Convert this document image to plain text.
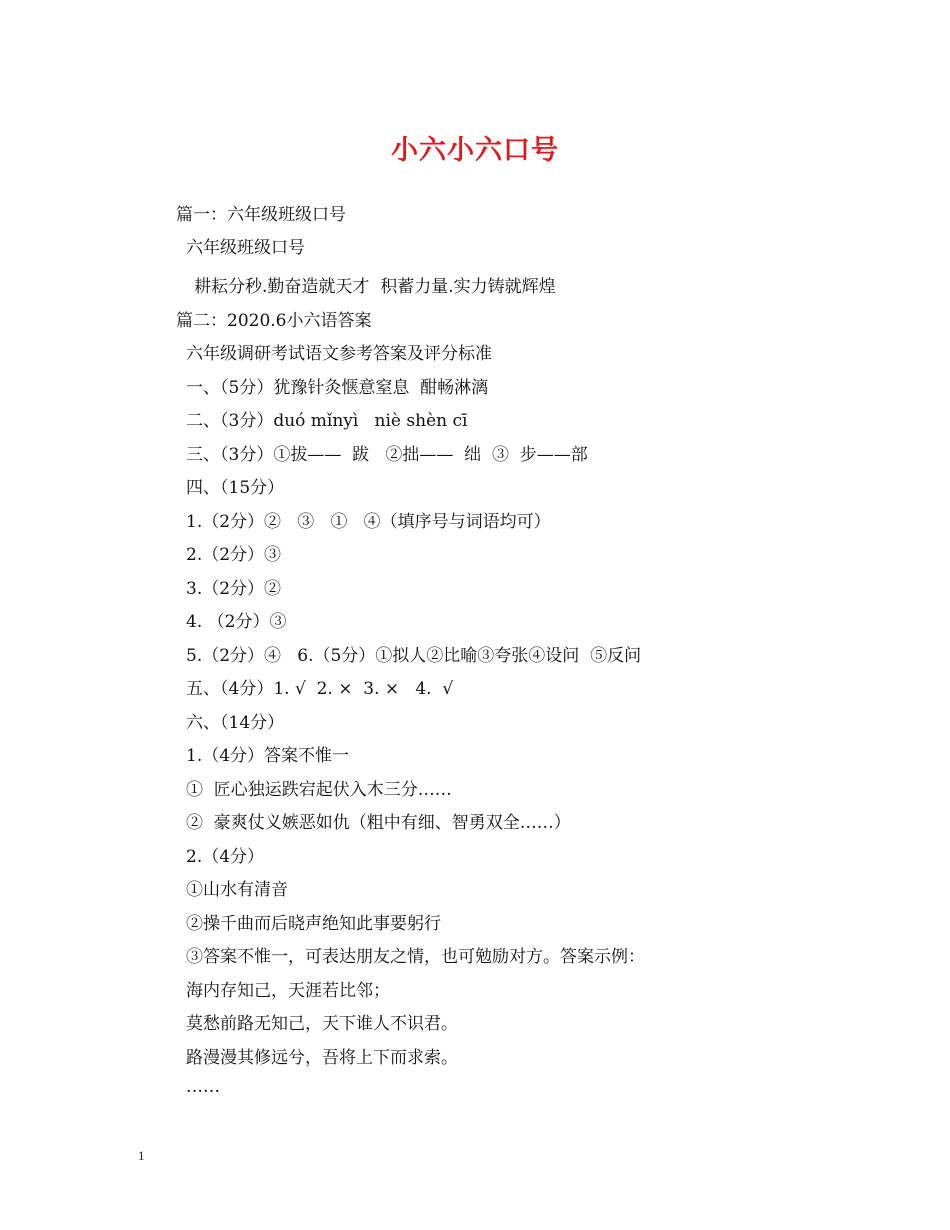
小六小六口号
篇一：六年级班级口号
六年级班级口号
耕耘分秒.勤奋造就天才  积蓄力量.实力铸就辉煌
篇二：2020.6小六语答案
六年级调研考试语文参考答案及评分标准
一、（5分）犹豫针灸惬意窒息  酣畅淋漓
二、（3分）duó mǐnyì   niè shèn cī
三、（3分）①拔——  跋   ②拙——  绌  ③  步——部
四、（15分）
1.（2分）②   ③   ①   ④（填序号与词语均可）
2.（2分）③
3.（2分）②
4. （2分）③
5.（2分）④   6.（5分）①拟人②比喻③夸张④设问  ⑤反问
五、（4分）1. √  2. ×  3. ×   4.  √
六、（14分）
1.（4分）答案不惟一
①  匠心独运跌宕起伏入木三分……
②  豪爽仗义嫉恶如仇（粗中有细、智勇双全……）
2.（4分）
①山水有清音
②操千曲而后晓声绝知此事要躬行
③答案不惟一，可表达朋友之情，也可勉励对方。答案示例：
海内存知己，天涯若比邻；
莫愁前路无知己，天下谁人不识君。
路漫漫其修远兮，吾将上下而求索。
……
1
